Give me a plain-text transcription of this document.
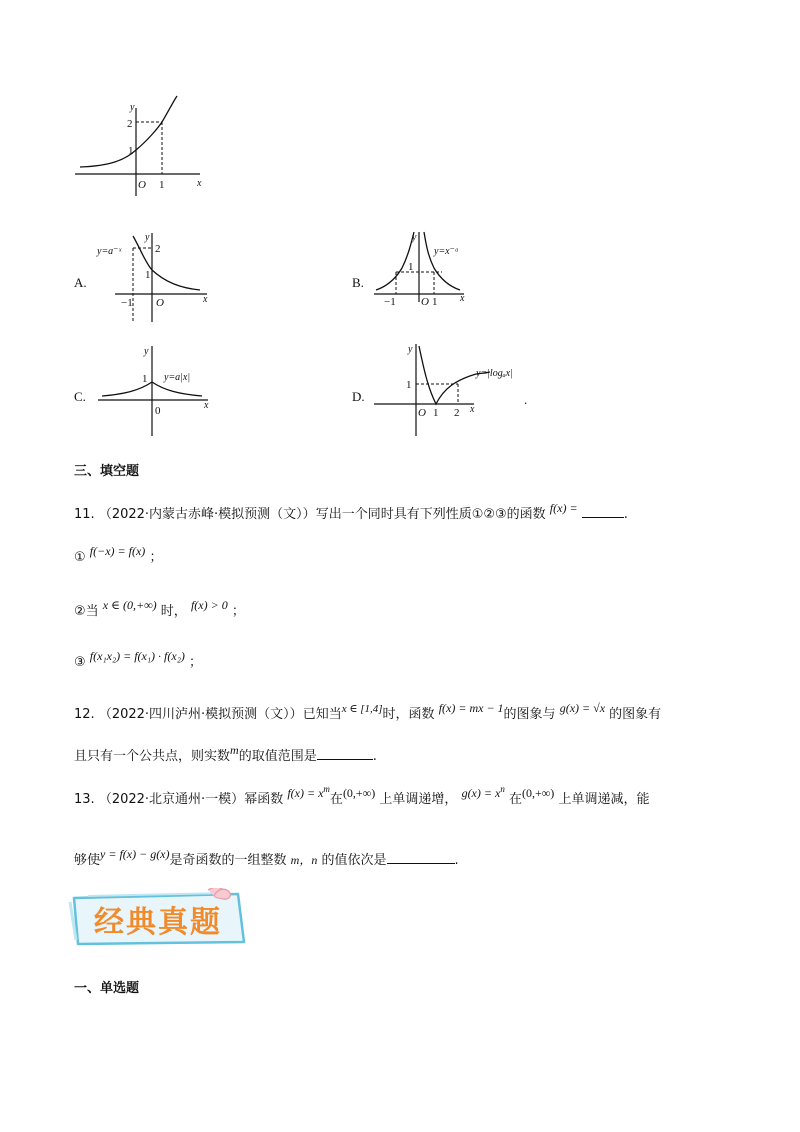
y
x
O 1
1
2
A.
y=a⁻ˣ
y
x
O
−1
1
2
B.
y=x⁻ᵃ
y
x
O
−1	1
1
C.
y=a|x|
y
x
0
1
D.
y=|logₐx|
y
x
O 1 2
1
.
三、填空题
11. （2022·内蒙古赤峰·模拟预测（文））写出一个同时具有下列性质①②③的函数 f(x) =	.
① f(−x) = f(x) ；
②当 x ∈ (0,+∞) 时， f(x) > 0 ；
③ f(x₁x₂) = f(x₁) · f(x₂) ；
12. （2022·四川泸州·模拟预测（文））已知当$^{x \in [1,4]}$时，函数 f(x) = mx − 1的图象与 g(x) = √x 的图象有
且只有一个公共点，则实数m的取值范围是	.
13. （2022·北京通州·一模）幂函数 $f(x) = x^m$在(0,+∞) 上单调递增， $g(x) = x^n$ 在(0,+∞) 上单调递减，能
够使y = f(x) − g(x)是奇函数的一组整数 m，n 的值依次是	.
经典真题
一、单选题
